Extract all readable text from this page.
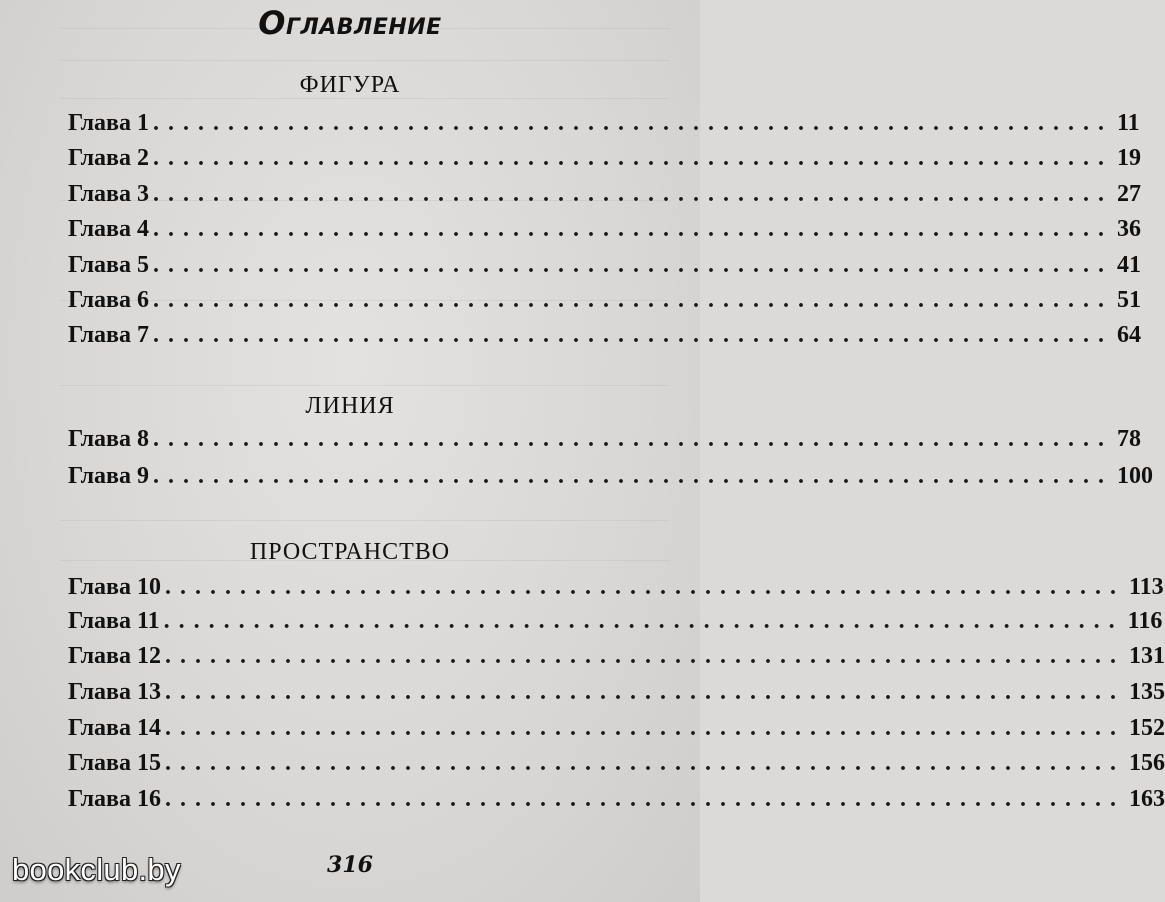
Оглавление
ФИГУРА
Глава 1 ................................................................ 11
Глава 2 ................................................................ 19
Глава 3 ................................................................ 27
Глава 4 ................................................................ 36
Глава 5 ................................................................ 41
Глава 6 ................................................................ 51
Глава 7 ................................................................ 64
ЛИНИЯ
Глава 8 ................................................................ 78
Глава 9 ................................................................ 100
ПРОСТРАНСТВО
Глава 10 ................................................................ 113
Глава 11 ................................................................ 116
Глава 12 ................................................................ 131
Глава 13 ................................................................ 135
Глава 14 ................................................................ 152
Глава 15 ................................................................ 156
Глава 16 ................................................................ 163
316
bookclub.by
